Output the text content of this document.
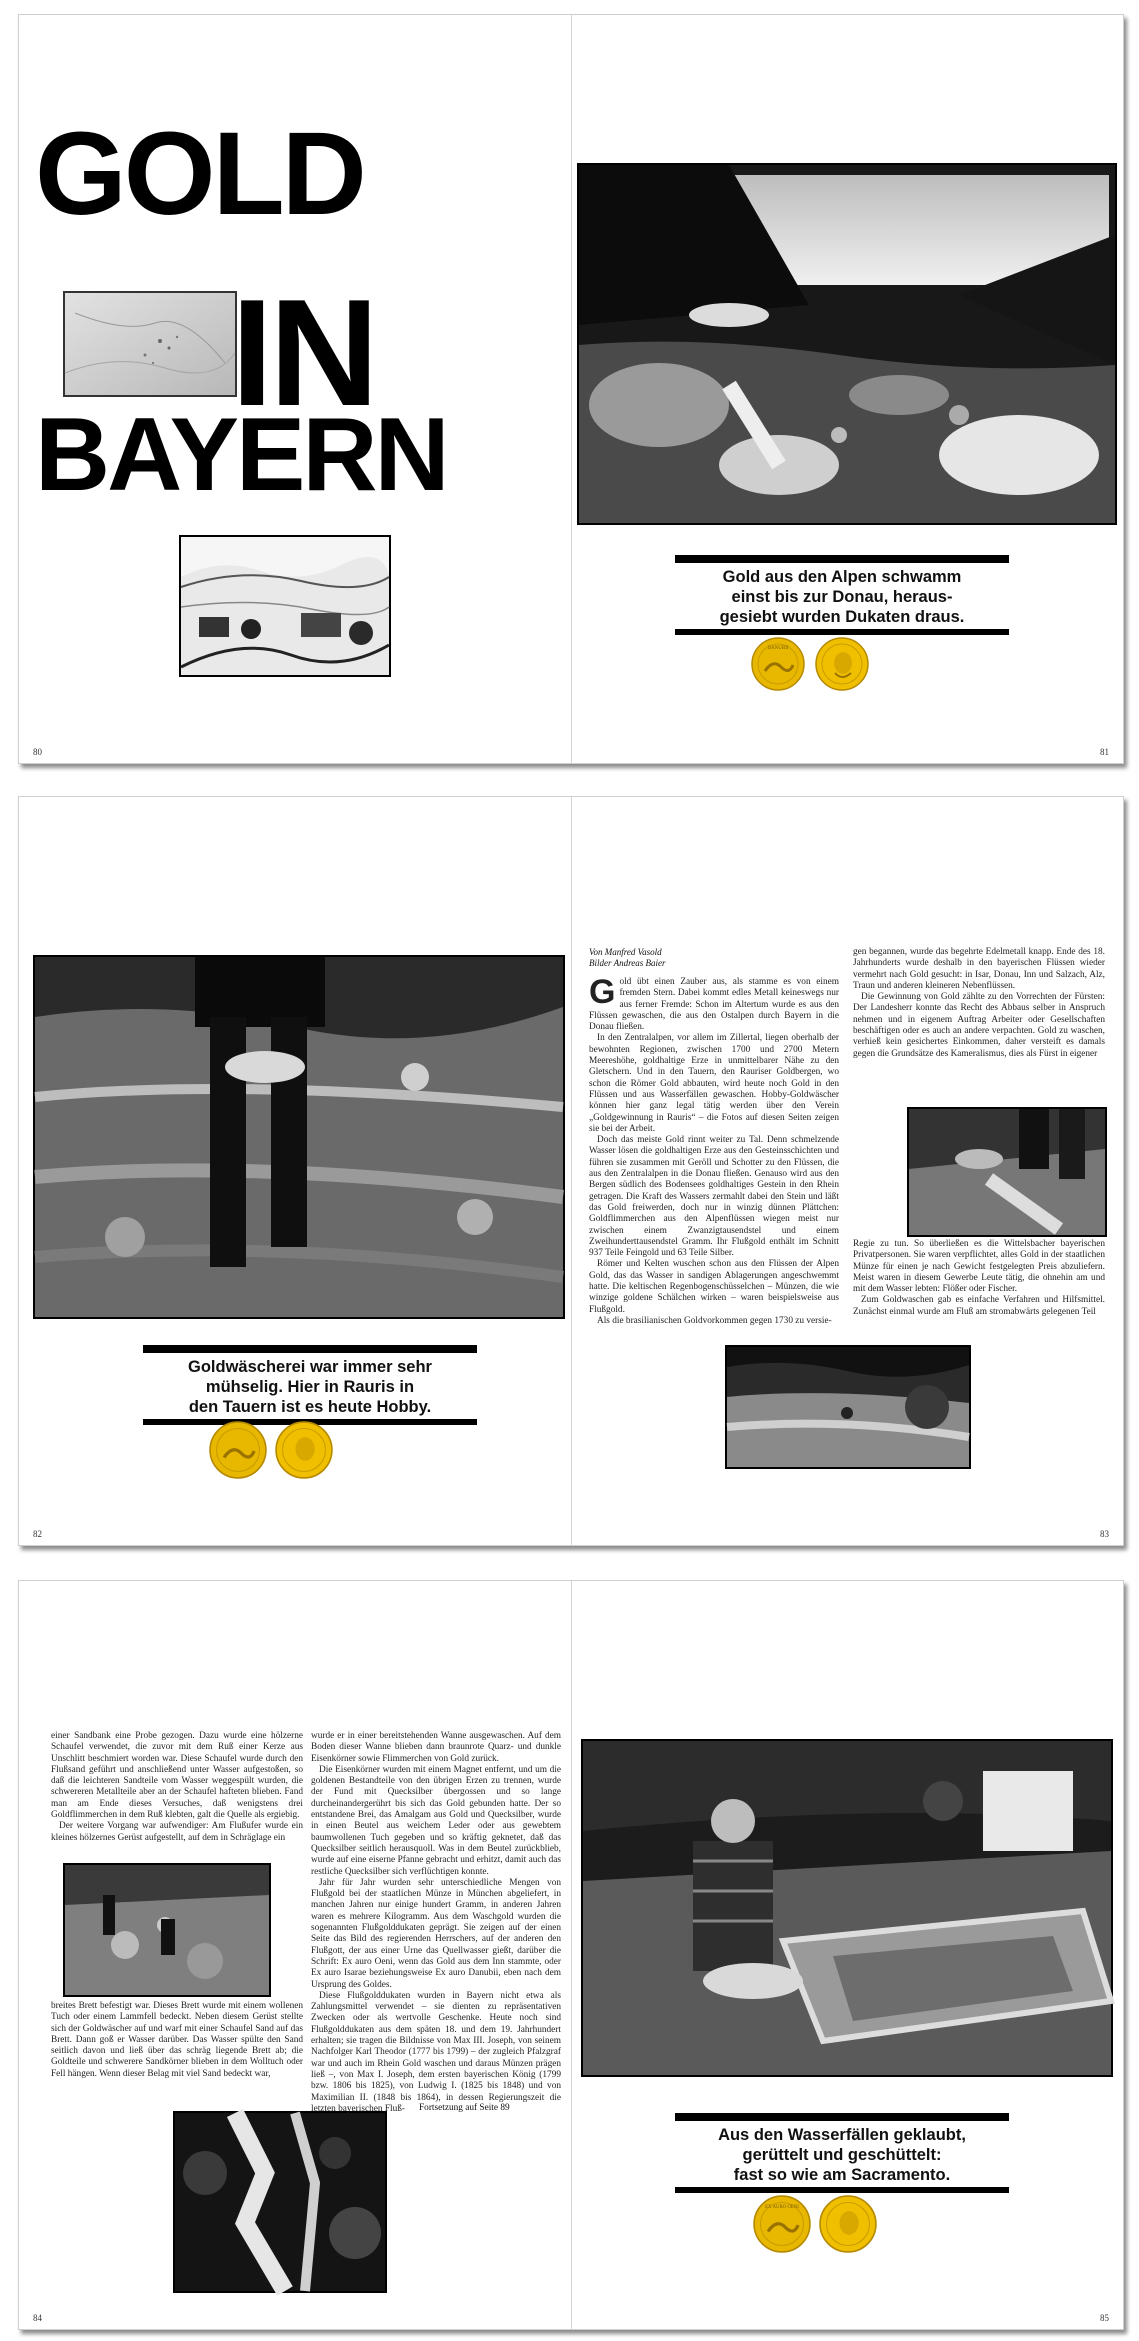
GOLD
IN
BAYERN
80
Gold aus den Alpen schwamm
einst bis zur Donau, heraus-
gesiebt wurden Dukaten draus.
DANUBII
81
Goldwäscherei war immer sehr
mühselig. Hier in Rauris in
den Tauern ist es heute Hobby.
82
Von Manfred Vasold
Bilder Andreas Baier

Gold übt einen Zauber aus, als stamme es von einem fremden Stern. Dabei kommt edles Metall keineswegs nur aus ferner Fremde: Schon im Altertum wurde es aus den Flüssen gewaschen, die aus den Ostalpen durch Bayern in die Donau fließen.

In den Zentralalpen, vor allem im Zillertal, liegen oberhalb der bewohnten Regionen, zwischen 1700 und 2700 Metern Meereshöhe, goldhaltige Erze in unmittelbarer Nähe zu den Gletschern. Und in den Tauern, den Rauriser Goldbergen, wo schon die Römer Gold abbauten, wird heute noch Gold in den Flüssen und aus Wasserfällen gewaschen. Hobby-Goldwäscher können hier ganz legal tätig werden über den Verein „Goldgewinnung in Rauris“ – die Fotos auf diesen Seiten zeigen sie bei der Arbeit.

Doch das meiste Gold rinnt weiter zu Tal. Denn schmelzende Wasser lösen die goldhaltigen Erze aus den Gesteinsschichten und führen sie zusammen mit Geröll und Schotter zu den Flüssen, die aus den Zentralalpen in die Donau fließen. Genauso wird aus den Bergen südlich des Bodensees goldhaltiges Gestein in den Rhein getragen. Die Kraft des Wassers zermahlt dabei den Stein und läßt das Gold freiwerden, doch nur in winzig dünnen Plättchen: Goldflimmerchen aus den Alpenflüssen wiegen meist nur zwischen einem Zwanzigtausendstel und einem Zweihunderttausendstel Gramm. Ihr Flußgold enthält im Schnitt 937 Teile Feingold und 63 Teile Silber.

Römer und Kelten wuschen schon aus den Flüssen der Alpen Gold, das das Wasser in sandigen Ablagerungen angeschwemmt hatte. Die keltischen Regenbogenschüsselchen – Münzen, die wie winzige goldene Schälchen wirken – waren beispielsweise aus Flußgold.

Als die brasilianischen Goldvorkommen gegen 1730 zu versie-

gen begannen, wurde das begehrte Edelmetall knapp. Ende des 18. Jahrhunderts wurde deshalb in den bayerischen Flüssen wieder vermehrt nach Gold gesucht: in Isar, Donau, Inn und Salzach, Alz, Traun und anderen kleineren Nebenflüssen.

Die Gewinnung von Gold zählte zu den Vorrechten der Fürsten: Der Landesherr konnte das Recht des Abbaus selber in Anspruch nehmen und in eigenem Auftrag Arbeiter oder Gesellschaften beschäftigen oder es auch an andere verpachten. Gold zu waschen, verhieß kein gesichertes Einkommen, daher versteift es damals gegen die Grundsätze des Kameralismus, dies als Fürst in eigener

Regie zu tun. So überließen es die Wittelsbacher bayerischen Privatpersonen. Sie waren verpflichtet, alles Gold in der staatlichen Münze für einen je nach Gewicht festgelegten Preis abzuliefern. Meist waren in diesem Gewerbe Leute tätig, die ohnehin am und mit dem Wasser lebten: Flößer oder Fischer.

Zum Goldwaschen gab es einfache Verfahren und Hilfsmittel. Zunächst einmal wurde am Fluß am stromabwärts gelegenen Teil

83

einer Sandbank eine Probe gezogen. Dazu wurde eine hölzerne Schaufel verwendet, die zuvor mit dem Ruß einer Kerze aus Unschlitt beschmiert worden war. Diese Schaufel wurde durch den Flußsand geführt und anschließend unter Wasser aufgestoßen, so daß die leichteren Sandteile vom Wasser weggespült wurden, die schwereren Metallteile aber an der Schaufel hafteten blieben. Fand man am Ende dieses Versuches, daß wenigstens drei Goldflimmerchen in dem Ruß klebten, galt die Quelle als ergiebig.

Der weitere Vorgang war aufwendiger: Am Flußufer wurde ein kleines hölzernes Gerüst aufgestellt, auf dem in Schräglage ein

breites Brett befestigt war. Dieses Brett wurde mit einem wollenen Tuch oder einem Lammfell bedeckt. Neben diesem Gerüst stellte sich der Goldwäscher auf und warf mit einer Schaufel Sand auf das Brett. Dann goß er Wasser darüber. Das Wasser spülte den Sand seitlich davon und ließ über das schräg liegende Brett ab; die Goldteile und schwerere Sandkörner blieben in dem Wolltuch oder Fell hängen. Wenn dieser Belag mit viel Sand bedeckt war,

wurde er in einer bereitstehenden Wanne ausgewaschen. Auf dem Boden dieser Wanne blieben dann braunrote Quarz- und dunkle Eisenkörner sowie Flimmerchen von Gold zurück.

Die Eisenkörner wurden mit einem Magnet entfernt, und um die goldenen Bestandteile von den übrigen Erzen zu trennen, wurde der Fund mit Quecksilber übergossen und so lange durcheinandergerührt bis sich das Gold gebunden hatte. Der so entstandene Brei, das Amalgam aus Gold und Quecksilber, wurde in einen Beutel aus weichem Leder oder aus gewebtem baumwollenen Tuch gegeben und so kräftig geknetet, daß das Quecksilber seitlich herausquoll. Was in dem Beutel zurückblieb, wurde auf eine eiserne Pfanne gebracht und erhitzt, damit auch das restliche Quecksilber sich verflüchtigen konnte.

Jahr für Jahr wurden sehr unterschiedliche Mengen von Flußgold bei der staatlichen Münze in München abgeliefert, in manchen Jahren nur einige hundert Gramm, in anderen Jahren waren es mehrere Kilogramm. Aus dem Waschgold wurden die sogenannten Flußgolddukaten geprägt. Sie zeigen auf der einen Seite das Bild des regierenden Herrschers, auf der anderen den Flußgott, der aus einer Urne das Quellwasser gießt, darüber die Schrift: Ex auro Oeni, wenn das Gold aus dem Inn stammte, oder Ex auro Isarae beziehungsweise Ex auro Danubii, eben nach dem Ursprung des Goldes.

Diese Flußgolddukaten wurden in Bayern nicht etwa als Zahlungsmittel verwendet – sie dienten zu repräsentativen Zwecken oder als wertvolle Geschenke. Heute noch sind Flußgolddukaten aus dem späten 18. und dem 19. Jahrhundert erhalten; sie tragen die Bildnisse von Max III. Joseph, von seinem Nachfolger Karl Theodor (1777 bis 1799) – der zugleich Pfalzgraf war und auch im Rhein Gold waschen und daraus Münzen prägen ließ –, von Max I. Joseph, dem ersten bayerischen König (1799 bzw. 1806 bis 1825), von Ludwig I. (1825 bis 1848) und von Maximilian II. (1848 bis 1864), in dessen Regierungszeit die letzten bayerischen Fluß-	Fortsetzung auf Seite 89
84
Aus den Wasserfällen geklaubt,
gerüttelt und geschüttelt:
fast so wie am Sacramento.
EX AURO OENI
85
